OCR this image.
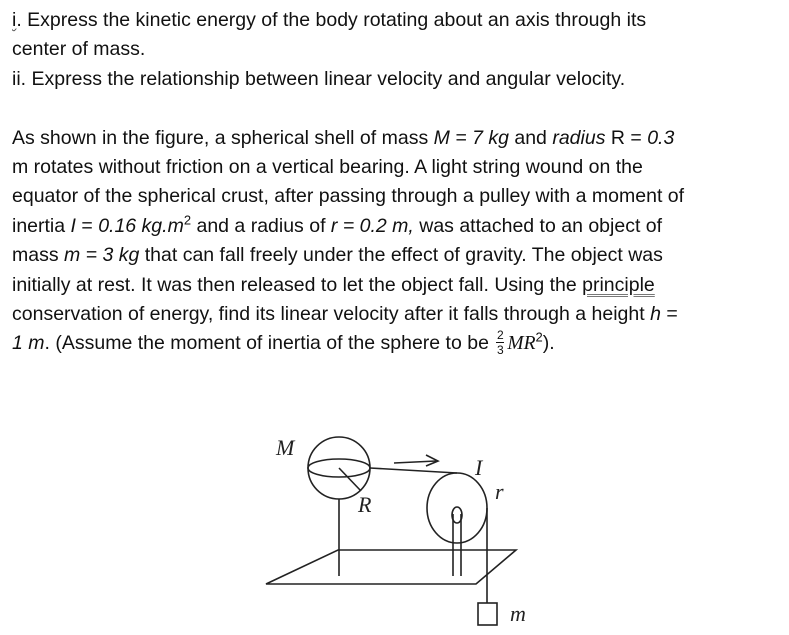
i. Express the kinetic energy of the body rotating about an axis through its
center of mass.
ii. Express the relationship between linear velocity and angular velocity.
As shown in the figure, a spherical shell of mass M = 7 kg and radius R = 0.3
m rotates without friction on a vertical bearing. A light string wound on the
equator of the spherical crust, after passing through a pulley with a moment of
inertia I = 0.16 $kg.m^2$ and a radius of r = 0.2 m, was attached to an object of
mass m = 3 kg that can fall freely under the effect of gravity. The object was
initially at rest. It was then released to let the object fall. Using the principle
conservation of energy, find its linear velocity after it falls through a height h =
1 m. (Assume the moment of inertia of the sphere to be $\frac{2}{3} MR^2$).
M
R
I
r
m
